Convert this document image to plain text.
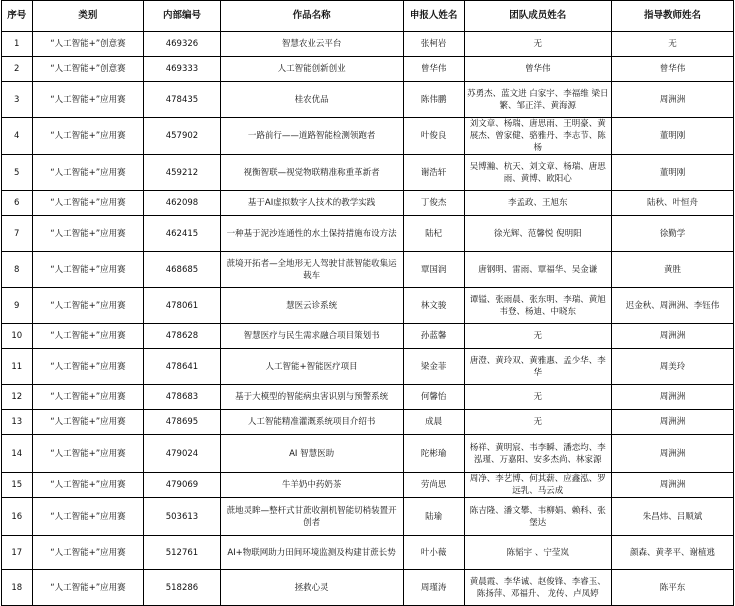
序号	类别	内部编号	作品名称	申报人姓名	团队成员姓名	指导教师姓名
1	“人工智能+”创意赛	469326	智慧农业云平台	张柯岩	无	无
2	“人工智能+”创意赛	469333	人工智能创新创业	曾华伟	曾华伟	曾华伟
3	“人工智能+”应用赛	478435	桂农优品	陈伟鹏	苏勇杰、蓝文进 白家宇、李福维 梁日繁、邹正洋、黄海源	周洲洲
4	“人工智能+”应用赛	457902	一路前行——道路智能检测领跑者	叶俊良	刘文章、杨瑞、唐思雨、王明豪、黄展杰、曾家健、骆雅丹、李志节、陈杨	董明刚
5	“人工智能+”应用赛	459212	视衡智联—视觉物联精准称重革新者	谢浩轩	吴博瀚、杭天、刘文章、杨瑞、唐思雨、黄博、欧阳心	董明刚
6	“人工智能+”应用赛	462098	基于AI虚拟数字人技术的教学实践	丁俊杰	李孟政、王旭东	陆秋、叶恒舟
7	“人工智能+”应用赛	462415	一种基于泥沙连通性的水土保持措施布设方法	陆杞	徐光辉、范馨悦 倪明阳	徐勤学
8	“人工智能+”应用赛	468685	蔗境开拓者—全地形无人驾驶甘蔗智能收集运载车	覃国润	唐钢明、雷雨、覃福华、吴金谦	黄胜
9	“人工智能+”应用赛	478061	慧医云诊系统	林文骏	谭镒、张雨晨、张东明、李瑞、黄旭 韦登、杨迪、中晓东	迟金秋、周洲洲、李钰伟
10	“人工智能+”应用赛	478628	智慧医疗与民生需求融合项目策划书	孙蓝馨	无	周洲洲
11	“人工智能+”应用赛	478641	人工智能+智能医疗项目	梁金菲	唐澄、黄玲双、黄雅惠、孟少华、李华	周美玲
12	“人工智能+”应用赛	478683	基于大模型的智能病虫害识别与预警系统	何馨怡	无	周洲洲
13	“人工智能+”应用赛	478695	人工智能精准灌溉系统项目介绍书	成晨	无	周洲洲
14	“人工智能+”应用赛	479024	AI 智慧医助	陀彬瑜	杨祥、黄明宸、韦李瞬、潘恋均、李泓瑾、万嘉阳、安多杰尚、林家源	周洲洲
15	“人工智能+”应用赛	479069	牛羊奶中药奶茶	劳尚思	周净、李艺博、何其薪、应鑫泓、罗远乳、马云成	周洲洲
16	“人工智能+”应用赛	503613	蔗地灵眸—整杆式甘蔗收割机智能切梢装置开创者	陆瑜	陈吉隆、潘文攀、韦柳娟、赖科、张堡达	朱昌炜、吕顺斌
17	“人工智能+”应用赛	512761	AI+物联网助力田间环境监测及构建甘蔗长势	叶小薇	陈韬宇 、宁莹岚	颜森、黄孝平、谢植逃
18	“人工智能+”应用赛	518286	拯救心灵	周瑾涛	黄晨霞、李华诚、赵俊锋、李睿玉、陈扬萍、邓福升、 龙传、卢凤婷	陈平东
